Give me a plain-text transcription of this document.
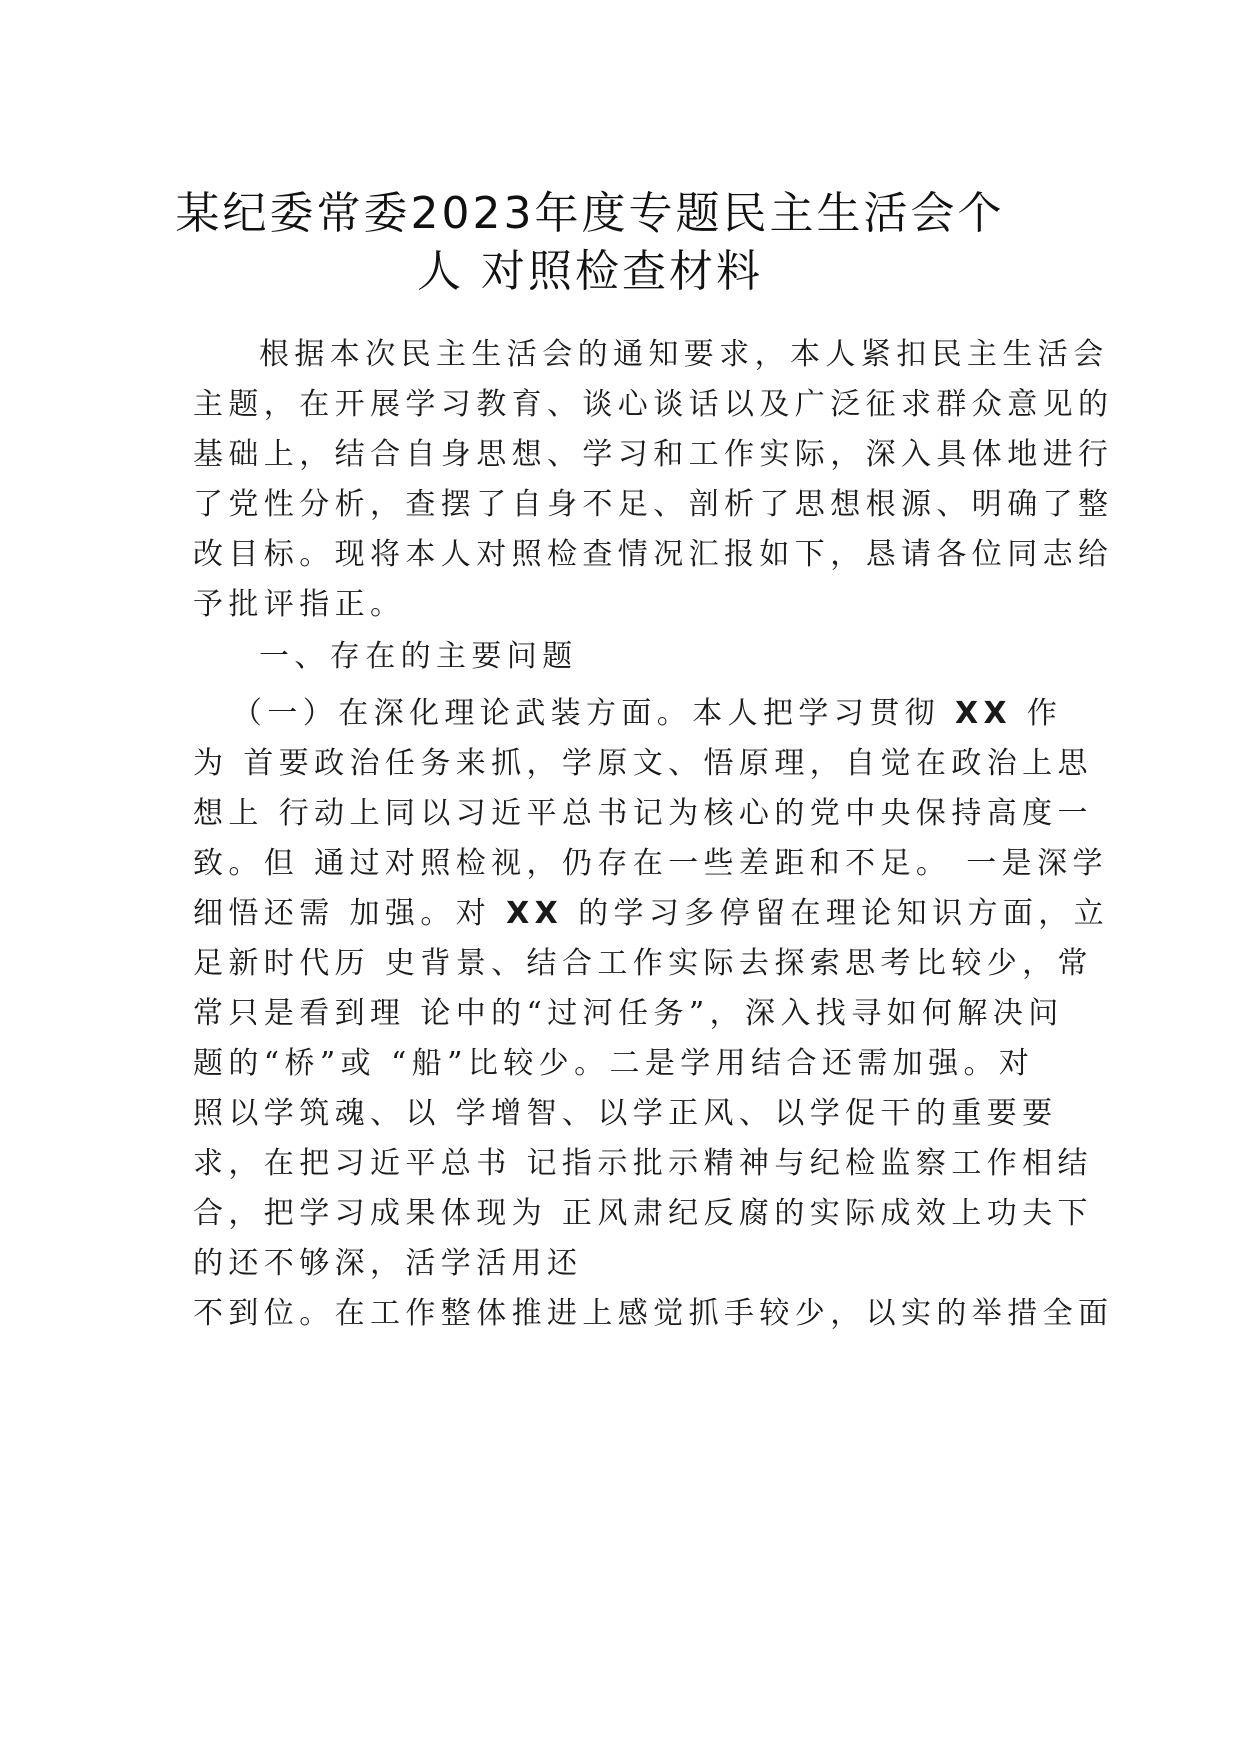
某纪委常委2023年度专题民主生活会个
人 对照检查材料
根据本次民主生活会的通知要求，本人紧扣民主生活会
主题，在开展学习教育、谈心谈话以及广泛征求群众意见的
基础上，结合自身思想、学习和工作实际，深入具体地进行
了党性分析，查摆了自身不足、剖析了思想根源、明确了整
改目标。现将本人对照检查情况汇报如下，恳请各位同志给
予批评指正。
一、存在的主要问题
（一）在深化理论武装方面。本人把学习贯彻 XX 作
为 首要政治任务来抓，学原文、悟原理，自觉在政治上思
想上 行动上同以习近平总书记为核心的党中央保持高度一
致。但 通过对照检视，仍存在一些差距和不足。 一是深学
细悟还需 加强。对 XX 的学习多停留在理论知识方面，立
足新时代历 史背景、结合工作实际去探索思考比较少，常
常只是看到理 论中的“过河任务”，深入找寻如何解决问
题的“桥”或 “船”比较少。二是学用结合还需加强。对
照以学筑魂、以 学增智、以学正风、以学促干的重要要
求，在把习近平总书 记指示批示精神与纪检监察工作相结
合，把学习成果体现为 正风肃纪反腐的实际成效上功夫下
的还不够深，活学活用还
不到位。在工作整体推进上感觉抓手较少，以实的举措全面
